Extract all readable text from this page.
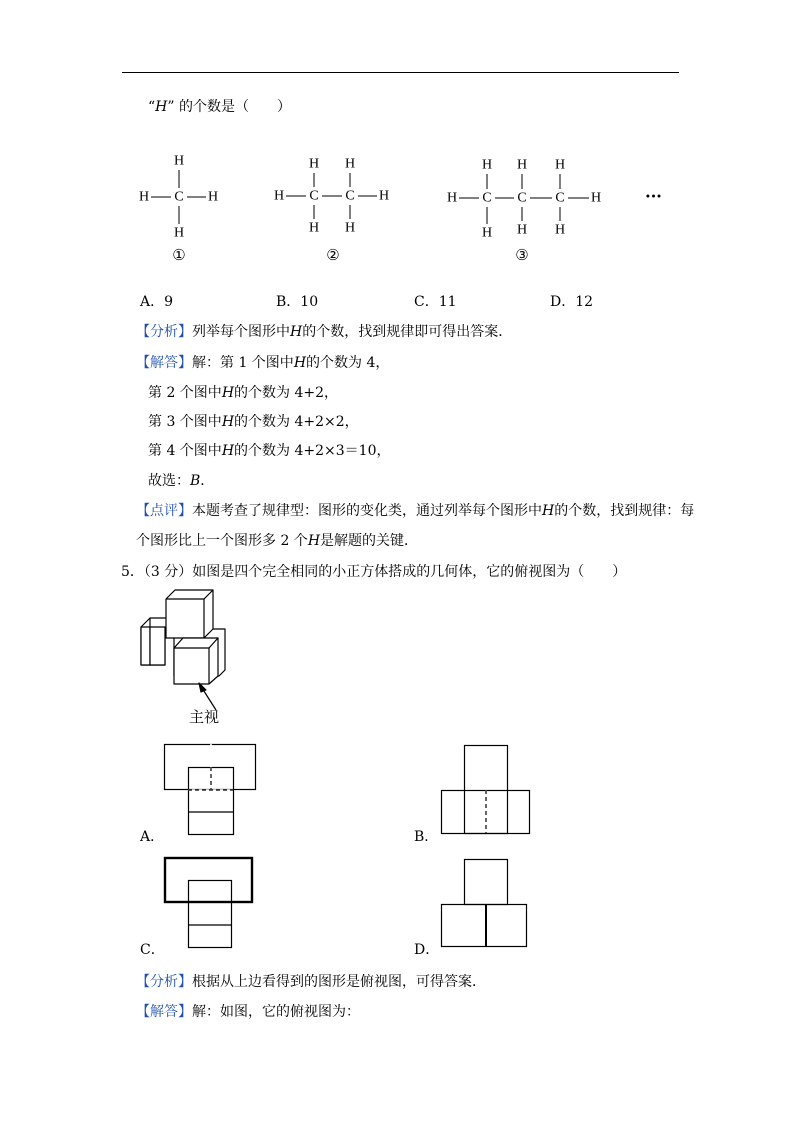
“H” 的个数是（　　）
H
H C H
H
H H
H C C H
H H
H H H
H C C C H
H H H
•••
①	②	③
A．9	B．10	C．11	D．12
【分析】列举每个图形中H的个数，找到规律即可得出答案．
【解答】解：第 1 个图中H的个数为 4，
第 2 个图中H的个数为 4+2，
第 3 个图中H的个数为 4+2×2，
第 4 个图中H的个数为 4+2×3＝10，
故选：B．
【点评】本题考查了规律型：图形的变化类，通过列举每个图形中H的个数，找到规律：每
个图形比上一个图形多 2 个H是解题的关键．
5．（3 分）如图是四个完全相同的小正方体搭成的几何体，它的俯视图为（　　）
主视
A．	B．
C．	D．
【分析】根据从上边看得到的图形是俯视图，可得答案．
【解答】解：如图，它的俯视图为：
